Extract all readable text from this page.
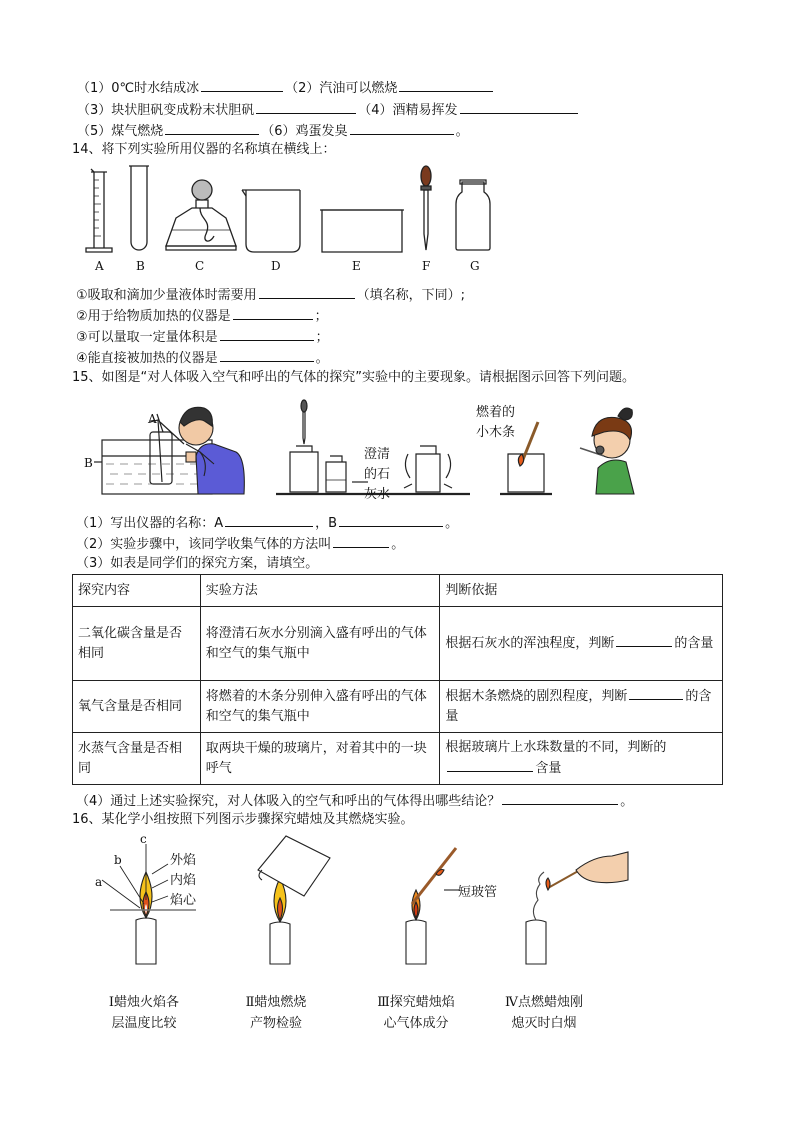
（1）0℃时水结成冰	（2）汽油可以燃烧
（3）块状胆矾变成粉末状胆矾	（4）酒精易挥发
（5）煤气燃烧	（6）鸡蛋发臭	。
14、将下列实验所用仪器的名称填在横线上：
A	B	C	D	E	F	G
①吸取和滴加少量液体时需要用	（填名称，下同）;
②用于给物质加热的仪器是	；
③可以量取一定量体积是	；
④能直接被加热的仪器是	。
15、如图是“对人体吸入空气和呼出的气体的探究”实验中的主要现象。请根据图示回答下列问题。
A
B
澄清
的石
灰水
燃着的
小木条
（1）写出仪器的名称：A	，B	。
（2）实验步骤中，该同学收集气体的方法叫	。
（3）如表是同学们的探究方案，请填空。
探究内容	实验方法	判断依据
二氧化碳含量是否相同	将澄清石灰水分别滴入盛有呼出的气体和空气的集气瓶中	根据石灰水的浑浊程度，判断 的含量
氧气含量是否相同	将燃着的木条分别伸入盛有呼出的气体和空气的集气瓶中	根据木条燃烧的剧烈程度，判断 的含量
水蒸气含量是否相同	取两块干燥的玻璃片，对着其中的一块呼气	根据玻璃片上水珠数量的不同，判断的含量
（4）通过上述实验探究，对人体吸入的空气和呼出的气体得出哪些结论？	。
16、某化学小组按照下列图示步骤探究蜡烛及其燃烧实验。
a
b
c
外焰
内焰
焰心
短玻管
Ⅰ蜡烛火焰各
层温度比较
Ⅱ蜡烛燃烧
产物检验
Ⅲ探究蜡烛焰
心气体成分
Ⅳ点燃蜡烛刚
熄灭时白烟
